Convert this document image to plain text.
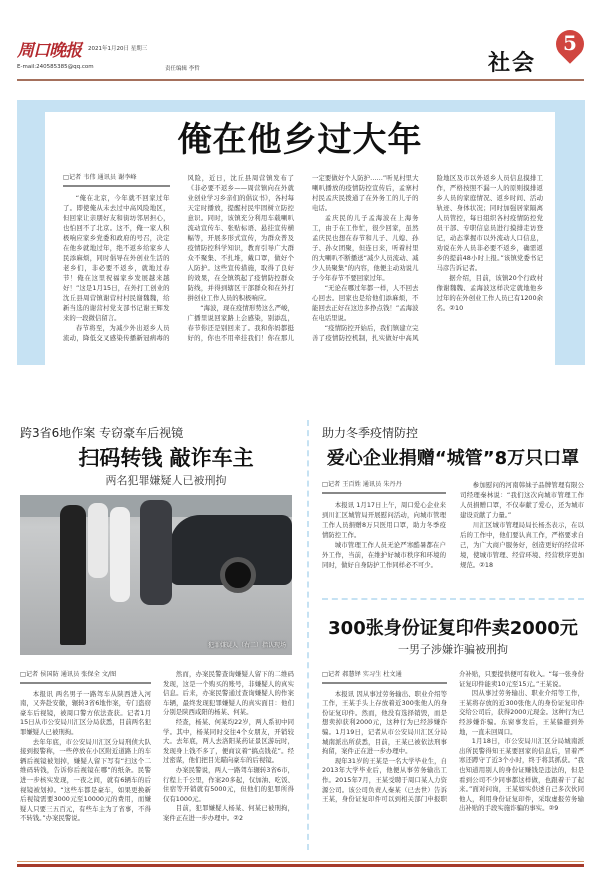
周口晚报 2021年1月20日 星期三
E-mail:240585385@qq.com	责任编辑 李哲	社会
5
俺在他乡过大年
□记者 韦伟 通讯员 谢李峰

“俺在北京，今年就不回家过年了。即使俺从未去过中高风险地区，但回家让亲朋好友和街坊邻居担心，也怕回不了北京。这不，俺一家人积极响应家乡党委和政府的号召，决定在他乡就地过年，绝不返乡给家乡人民添麻烦，同时倡导在外创业生活的老乡们，非必要不返乡，就地过春节！俺在这里祝福家乡发展越来越好！”这是1月15日，在外打工创业的沈丘县周营镇谢营村村民谢魏魏，给新当选的谢营村党支部书记谢王辉发来的一段微信留言。

春节将至，为减少外出返乡人员流动，降低交叉感染传播新冠病毒的风险，近日，沈丘县周营镇发布了《非必要不返乡——周营镇向在外就业创业学习乡亲们的倡议书》，各村每天定时播放，提醒村民牢固树立防控意识。同时，该镇充分利用车载喇叭流动宣传车、张贴标语、悬挂宣传横幅等，开展多形式宣传，为群众普及疫情防控科学知识，教育引导广大群众不聚集、不扎堆，戴口罩，做好个人防护。这些宣传措施，取得了良好的效果，在全镇筑起了疫情防控群众防线，并得到辖区干部群众和在外打拼创业工作人员的积极响应。

“海波，现在疫情形势这么严峻，广播里说回家路上会感染，别添乱，春节你还是别回来了。我和你妈都挺好的，你也不用牵挂我们！你在那儿一定要做好个人防护……”听见村里大喇叭播放的疫情防控宣传后，孟寨村村民孟庆民拨通了在外务工的儿子的电话。

孟庆民的儿子孟海波在上海务工，由于在工作忙，很少回家，虽然孟庆民也想在春节和儿子、儿媳、孙子、孙女团聚，但连日来，听着村里的大喇叭不断播送“减少人员流动、减少人员聚集”的内容，他便主动劝说儿子今年春节不要回家过年。

“无论在哪过年都一样，人不回去心回去。回家也是给他们添麻烦，不能回去正好在这边多挣点钱！”孟海波在电话里说。

“疫情防控开始后，我们镇建立完善了疫情防控机制，扎实做好中高风险地区及市以外返乡人员信息摸排工作，严格按照不漏一人的原则摸排返乡人员的家庭情况、返乡时间、活动轨迹、身体状况；同时加强居家隔离人员管控，每日组织各村疫情防控党员干部、专职信息员进行摸排走访登记，动态掌握市以外流动人口信息，劝说在外人员非必要不返乡，确需返乡的提前48小时上报。”该镇党委书记马彦告诉记者。

据介绍，目前，该镇20个行政村像谢魏魏、孟海波这样决定就地他乡过年的在外创业工作人员已有1200余名。②10

跨3省6地作案 专窃豪车后视镜
扫码转钱 敲诈车主
两名犯罪嫌疑人已被刑拘
犯罪嫌疑人（右二）指认现场
□记者 侯国防 通讯员 张保全 文/图

本报讯 两名男子一路驾车从陕西进入河南，又奔赴安徽，辗转3省6地作案，专门盗窃豪车后视镜，被周口警方依法查获。记者1月15日从市公安局川汇区分局获悉，目前两名犯罪嫌疑人已被刑拘。

去年年底，市公安局川汇区分局刑侦大队接到报警称，一些停放在小区附近道路上的车辆后视镜被划掉，嫌疑人留下写有“扫这个二维码转钱，告诉你后视镜在哪”的纸条。民警进一步核实发现，一夜之间，就有6辆车的后视镜被划掉。“这些车都是豪车，如果更换新后视镜需要3000元至10000元的费用，而嫌疑人只要三五百元，有些车主为了省事，不得不转钱。”办案民警说。

然而，办案民警查询嫌疑人留下的二维码发现，这是一个购买的账号，非嫌疑人的真实信息。后来，办案民警通过查询嫌疑人的作案车辆，最终发现犯罪嫌疑人的真实面目：他们分别是陕西咸阳的杨某、何某。

经查，杨某、何某均22岁，两人系初中同学。其中，杨某同时交往4个女朋友，开销较大。去年底，两人去洛阳某药证景区游玩时，发现身上钱不多了，便商议着“搞点钱花”。经过密谋，他们把目光瞄向豪车的后视镜。

办案民警说，两人一路驾车辗转3省6市，行程上千公里，作案20多起，仅加油、吃饭、住宿等开销就有5000元，但他们的犯罪所得仅有1000元。

目前，犯罪嫌疑人杨某、何某已被刑拘，案件正在进一步办理中。②2

助力冬季疫情防控
爱心企业捐赠“城管”8万只口罩
□记者 王百姓 通讯员 朱丹丹

本报讯 1月17日上午，周口爱心企业来到川汇区城管局开展慰问活动，向城市管理工作人员捐赠8万只医用口罩，助力冬季疫情防控工作。

城市管理工作人员无论严寒酷暑都在户外工作，当前，在维护好城市秩序和环境的同时，做好自身防护工作同样必不可少。

参加慰问的河南韩妹子品牌管理有限公司经理秦林说：“我们这次向城市管理工作人员捐赠口罩，不仅奉献了爱心，还为城市建设贡献了力量。”

川汇区城市管理局局长杨杰表示，在以后的工作中，他们要认真工作，严格要求自己，为广大商户服务好，创造更好的经营环境，使城市管理、经营环境、经营秩序更加规范。②18

300张身份证复印件卖2000元
一男子涉嫌诈骗被刑拘
□记者 郝慧铎 实习生 杜文通

本报讯 因从事过劳务输出、职业介绍等工作，王某手头上存放着近300张他人的身份证复印件。然而，他没有选择销毁，而是想卖掉获利2000元，这种行为已经涉嫌诈骗。1月19日，记者从市公安局川汇区分局城南派出所获悉，目前，王某已被依法刑事拘留，案件正在进一步办理中。

现年31岁的王某是一名大学毕业生，自2013年大学毕业后，他便从事劳务输出工作。2015年7月，王某受聘于周口某人力资源公司。该公司负责人秦某（已去世）告诉王某，身份证复印件可以到相关部门申报职介补贴，只要提供便可有收入。“每一张身份证复印件能卖10元至15元。”王某说。

因从事过劳务输出、职业介绍等工作，王某将存放的近300张他人的身份证复印件交给公司后，获得2000元现金。这种行为已经涉嫌诈骗。东窗事发后，王某躲避到外地，一直未回周口。

1月18日，市公安局川汇区分局城南派出所民警得知王某要回家的信息后，冒着严寒还蹲守了近3个小时，终于将其抓获。“我也知道用别人的身份证赚钱是违法的，但是看到公司不少同事都这样做，也跟着干了起来。”面对问询，王某如实供述自己多次伙同他人，利用身份证复印件，采取虚报劳务输出补贴的手段实施诈骗的事实。②9
